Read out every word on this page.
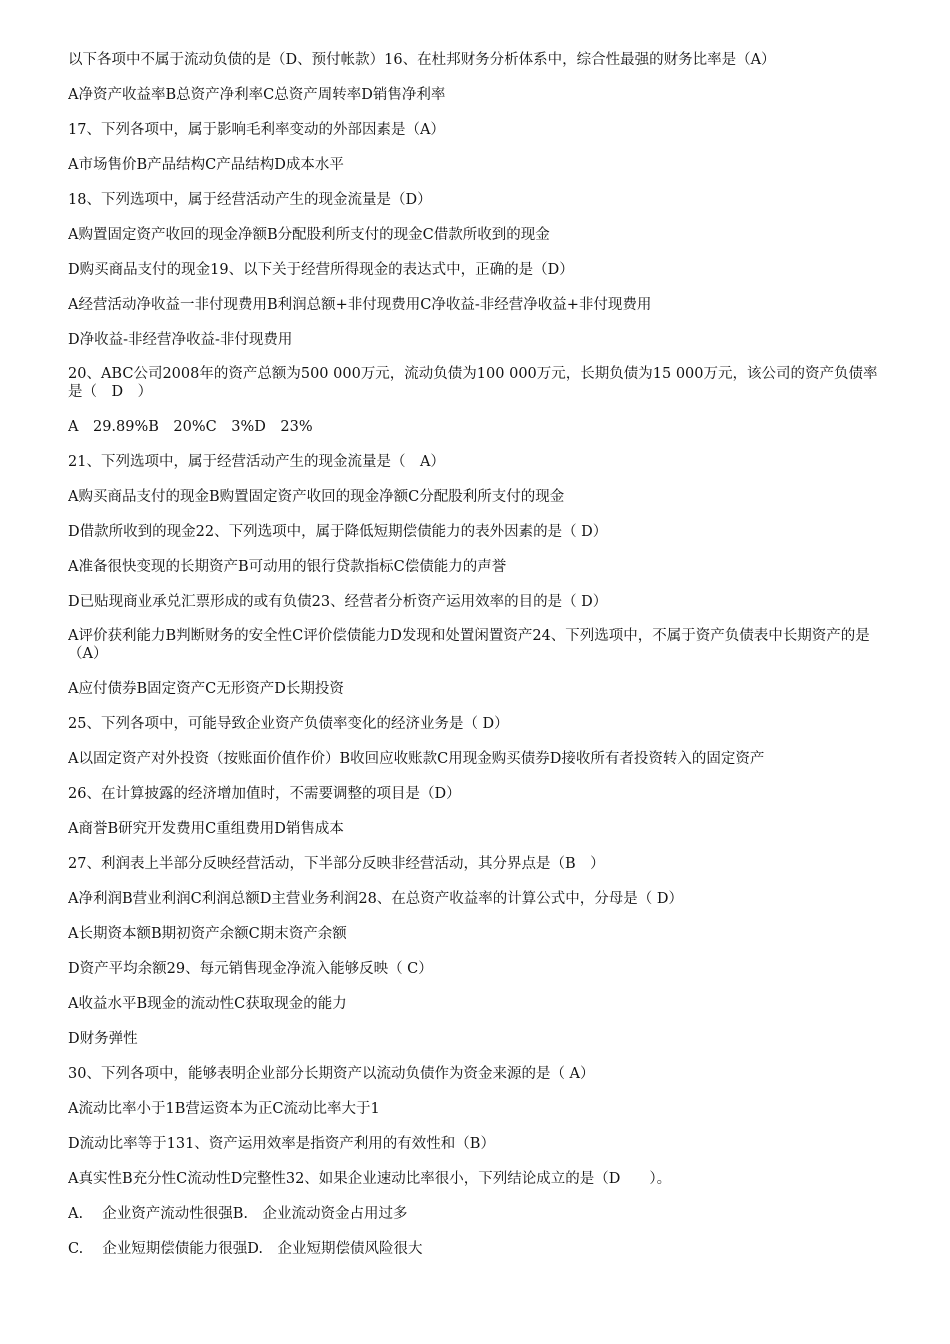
以下各项中不属于流动负债的是（D、预付帐款）16、在杜邦财务分析体系中，综合性最强的财务比率是（A）
A净资产收益率B总资产净利率C总资产周转率D销售净利率
17、下列各项中，属于影响毛利率变动的外部因素是（A）
A市场售价B产品结构C产品结构D成本水平
18、下列选项中，属于经营活动产生的现金流量是（D）
A购置固定资产收回的现金净额B分配股利所支付的现金C借款所收到的现金
D购买商品支付的现金19、以下关于经营所得现金的表达式中，正确的是（D）
A经营活动净收益一非付现费用B利润总额+非付现费用C净收益-非经营净收益+非付现费用
D净收益-非经营净收益-非付现费用
20、ABC公司2008年的资产总额为500 000万元，流动负债为100 000万元，长期负债为15 000万元，该公司的资产负债率是（　D　）
A　29.89%B　20%C　3%D　23%
21、下列选项中，属于经营活动产生的现金流量是（　A）
A购买商品支付的现金B购置固定资产收回的现金净额C分配股利所支付的现金
D借款所收到的现金22、下列选项中，属于降低短期偿债能力的表外因素的是（ D）
A准备很快变现的长期资产B可动用的银行贷款指标C偿债能力的声誉
D已贴现商业承兑汇票形成的或有负债23、经营者分析资产运用效率的目的是（ D）
A评价获利能力B判断财务的安全性C评价偿债能力D发现和处置闲置资产24、下列选项中，不属于资产负债表中长期资产的是（A）
A应付债券B固定资产C无形资产D长期投资
25、下列各项中，可能导致企业资产负债率变化的经济业务是（ D）
A以固定资产对外投资（按账面价值作价）B收回应收账款C用现金购买债券D接收所有者投资转入的固定资产
26、在计算披露的经济增加值时，不需要调整的项目是（D）
A商誉B研究开发费用C重组费用D销售成本
27、利润表上半部分反映经营活动，下半部分反映非经营活动，其分界点是（B　）
A净利润B营业利润C利润总额D主营业务利润28、在总资产收益率的计算公式中，分母是（ D）
A长期资本额B期初资产余额C期末资产余额
D资产平均余额29、每元销售现金净流入能够反映（ C）
A收益水平B现金的流动性C获取现金的能力
D财务弹性
30、下列各项中，能够表明企业部分长期资产以流动负债作为资金来源的是（ A）
A流动比率小于1B营运资本为正C流动比率大于1
D流动比率等于131、资产运用效率是指资产利用的有效性和（B）
A真实性B充分性C流动性D完整性32、如果企业速动比率很小，下列结论成立的是（D　　）。
A.　 企业资产流动性很强B.　企业流动资金占用过多
C.　 企业短期偿债能力很强D.　企业短期偿债风险很大
